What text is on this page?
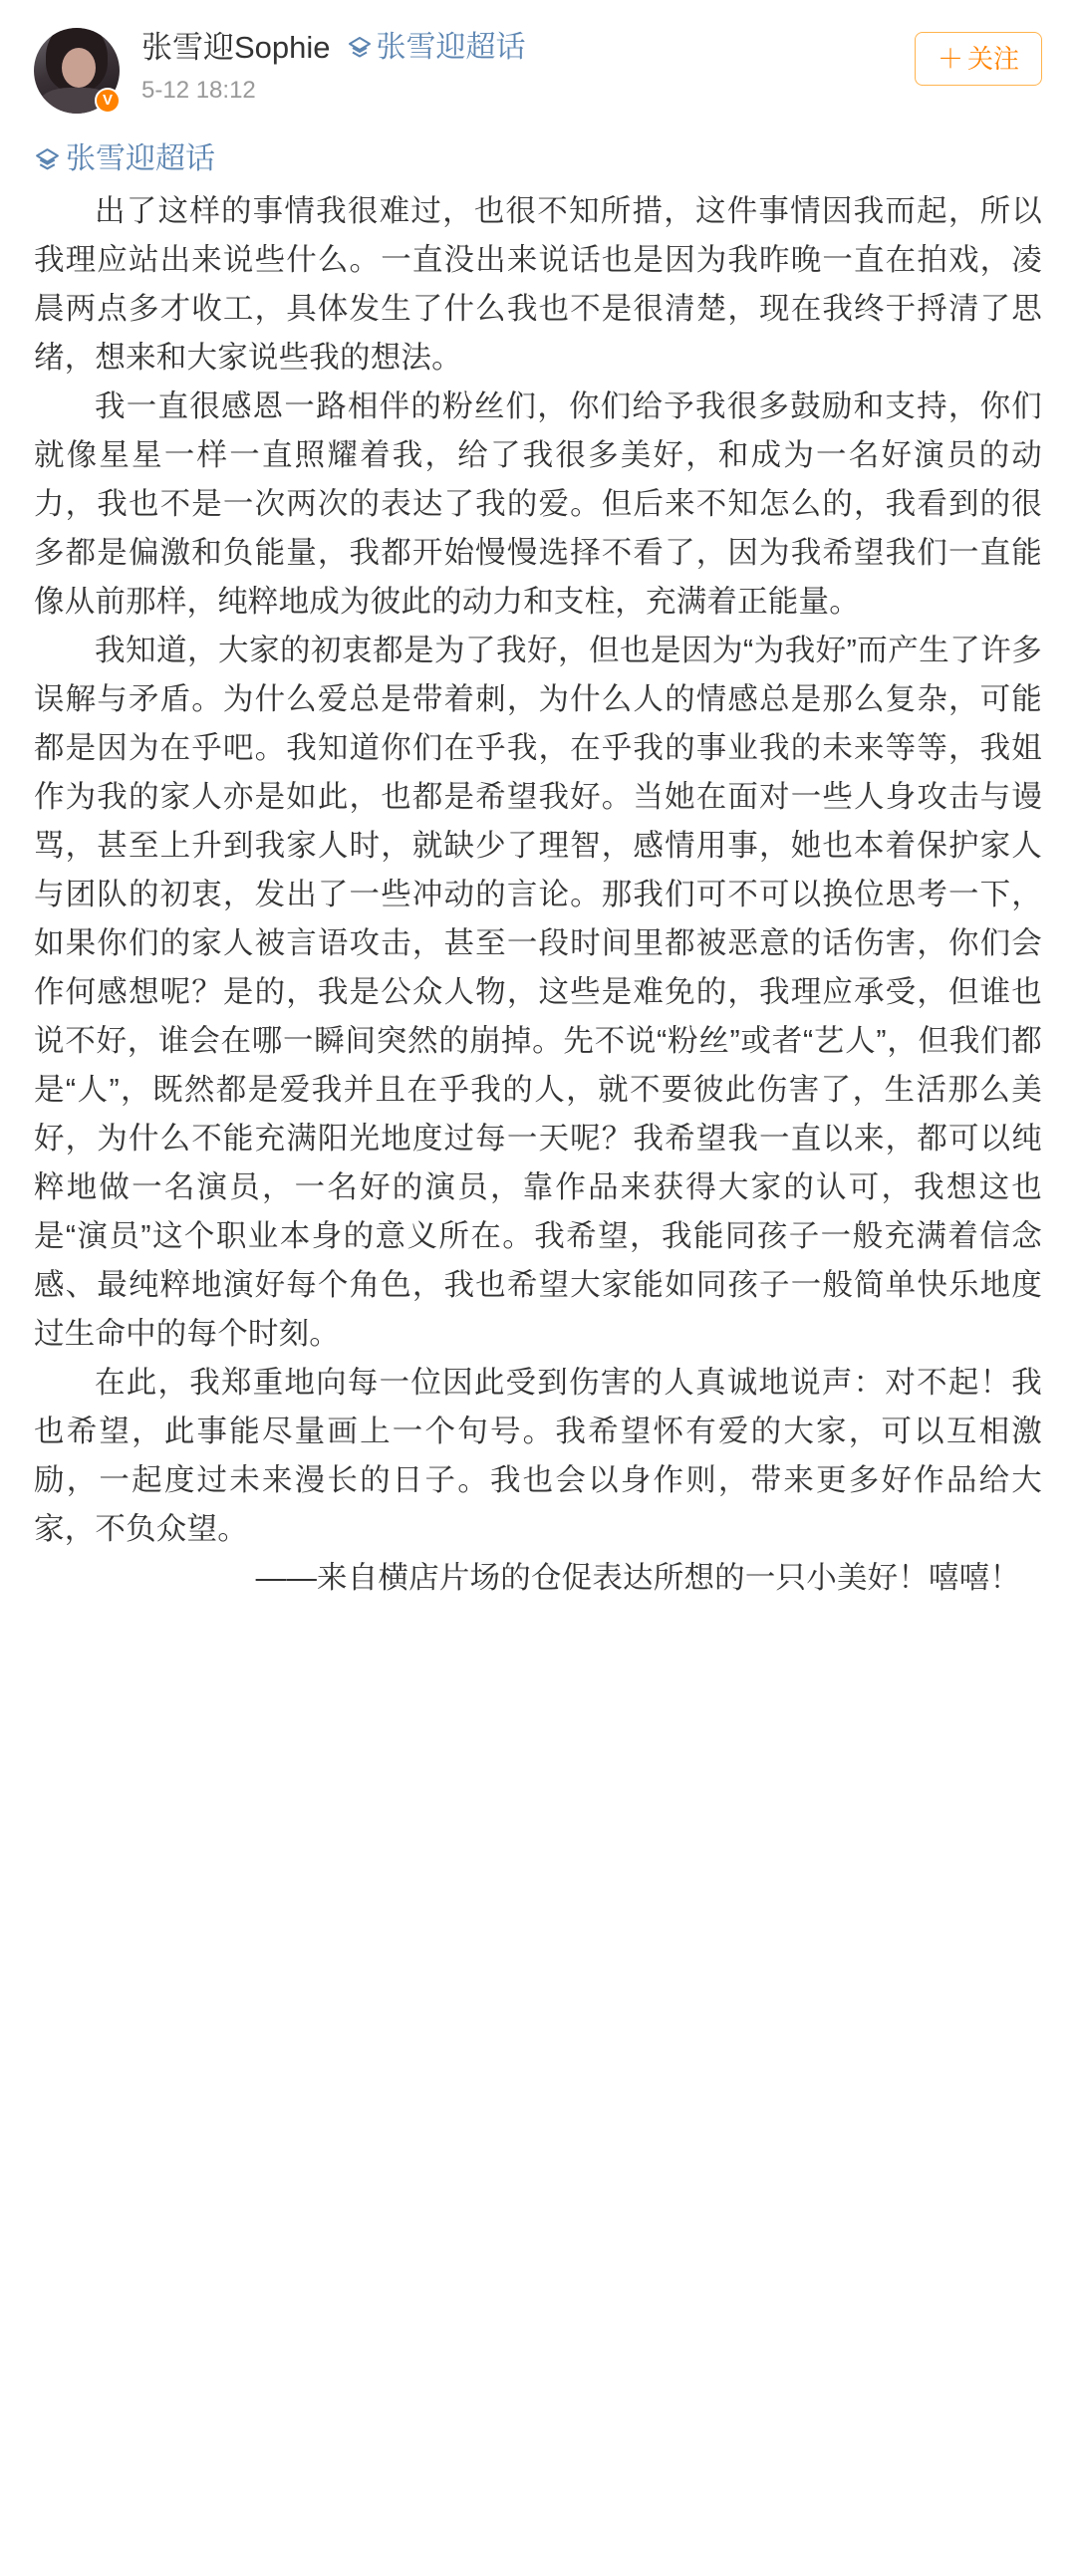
V
张雪迎Sophie 张雪迎超话
5-12 18:12
＋ 关注
张雪迎超话

出了这样的事情我很难过，也很不知所措，这件事情因我而起，所以我理应站出来说些什么。一直没出来说话也是因为我昨晚一直在拍戏，凌晨两点多才收工，具体发生了什么我也不是很清楚，现在我终于捋清了思绪，想来和大家说些我的想法。

我一直很感恩一路相伴的粉丝们，你们给予我很多鼓励和支持，你们就像星星一样一直照耀着我，给了我很多美好，和成为一名好演员的动力，我也不是一次两次的表达了我的爱。但后来不知怎么的，我看到的很多都是偏激和负能量，我都开始慢慢选择不看了，因为我希望我们一直能像从前那样，纯粹地成为彼此的动力和支柱，充满着正能量。

我知道，大家的初衷都是为了我好，但也是因为“为我好”而产生了许多误解与矛盾。为什么爱总是带着刺，为什么人的情感总是那么复杂，可能都是因为在乎吧。我知道你们在乎我，在乎我的事业我的未来等等，我姐作为我的家人亦是如此，也都是希望我好。当她在面对一些人身攻击与谩骂，甚至上升到我家人时，就缺少了理智，感情用事，她也本着保护家人与团队的初衷，发出了一些冲动的言论。那我们可不可以换位思考一下，如果你们的家人被言语攻击，甚至一段时间里都被恶意的话伤害，你们会作何感想呢？是的，我是公众人物，这些是难免的，我理应承受，但谁也说不好，谁会在哪一瞬间突然的崩掉。先不说“粉丝”或者“艺人”，但我们都是“人”，既然都是爱我并且在乎我的人，就不要彼此伤害了，生活那么美好，为什么不能充满阳光地度过每一天呢？我希望我一直以来，都可以纯粹地做一名演员，一名好的演员，靠作品来获得大家的认可，我想这也是“演员”这个职业本身的意义所在。我希望，我能同孩子一般充满着信念感、最纯粹地演好每个角色，我也希望大家能如同孩子一般简单快乐地度过生命中的每个时刻。

在此，我郑重地向每一位因此受到伤害的人真诚地说声：对不起！我也希望，此事能尽量画上一个句号。我希望怀有爱的大家，可以互相激励，一起度过未来漫长的日子。我也会以身作则，带来更多好作品给大家，不负众望。

——来自横店片场的仓促表达所想的一只小美好！嘻嘻！
